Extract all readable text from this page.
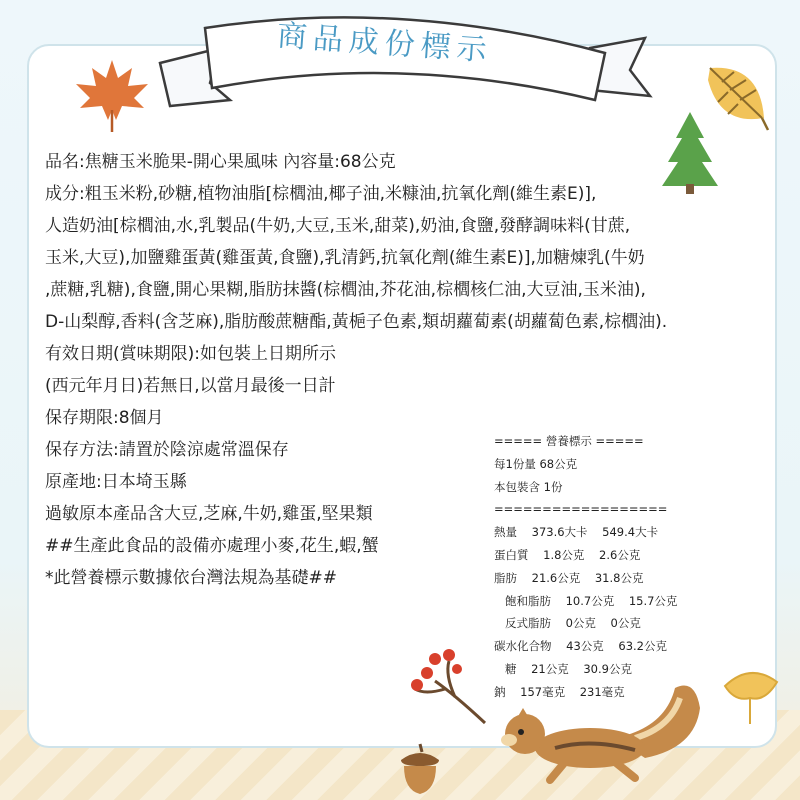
商品成份標示
品名:焦糖玉米脆果-開心果風味 內容量:68公克
成分:粗玉米粉,砂糖,植物油脂[棕櫚油,椰子油,米糠油,抗氧化劑(維生素E)],
人造奶油[棕櫚油,水,乳製品(牛奶,大豆,玉米,甜菜),奶油,食鹽,發酵調味料(甘蔗,
玉米,大豆),加鹽雞蛋黃(雞蛋黃,食鹽),乳清鈣,抗氧化劑(維生素E)],加糖煉乳(牛奶
,蔗糖,乳糖),食鹽,開心果糊,脂肪抹醬(棕櫚油,芥花油,棕櫚核仁油,大豆油,玉米油),
D-山梨醇,香料(含芝麻),脂肪酸蔗糖酯,黃梔子色素,類胡蘿蔔素(胡蘿蔔色素,棕櫚油).
有效日期(賞味期限):如包裝上日期所示
(西元年月日)若無日,以當月最後一日計
保存期限:8個月
保存方法:請置於陰涼處常溫保存
原產地:日本埼玉縣
過敏原本產品含大豆,芝麻,牛奶,雞蛋,堅果類
##生產此食品的設備亦處理小麥,花生,蝦,蟹
*此營養標示數據依台灣法規為基礎##
===== 營養標示 =====
每1份量 68公克
本包裝含 1份
==================
熱量    373.6大卡    549.4大卡
蛋白質    1.8公克    2.6公克
脂肪    21.6公克    31.8公克
飽和脂肪    10.7公克    15.7公克
反式脂肪    0公克    0公克
碳水化合物    43公克    63.2公克
糖    21公克    30.9公克
鈉    157毫克    231毫克
